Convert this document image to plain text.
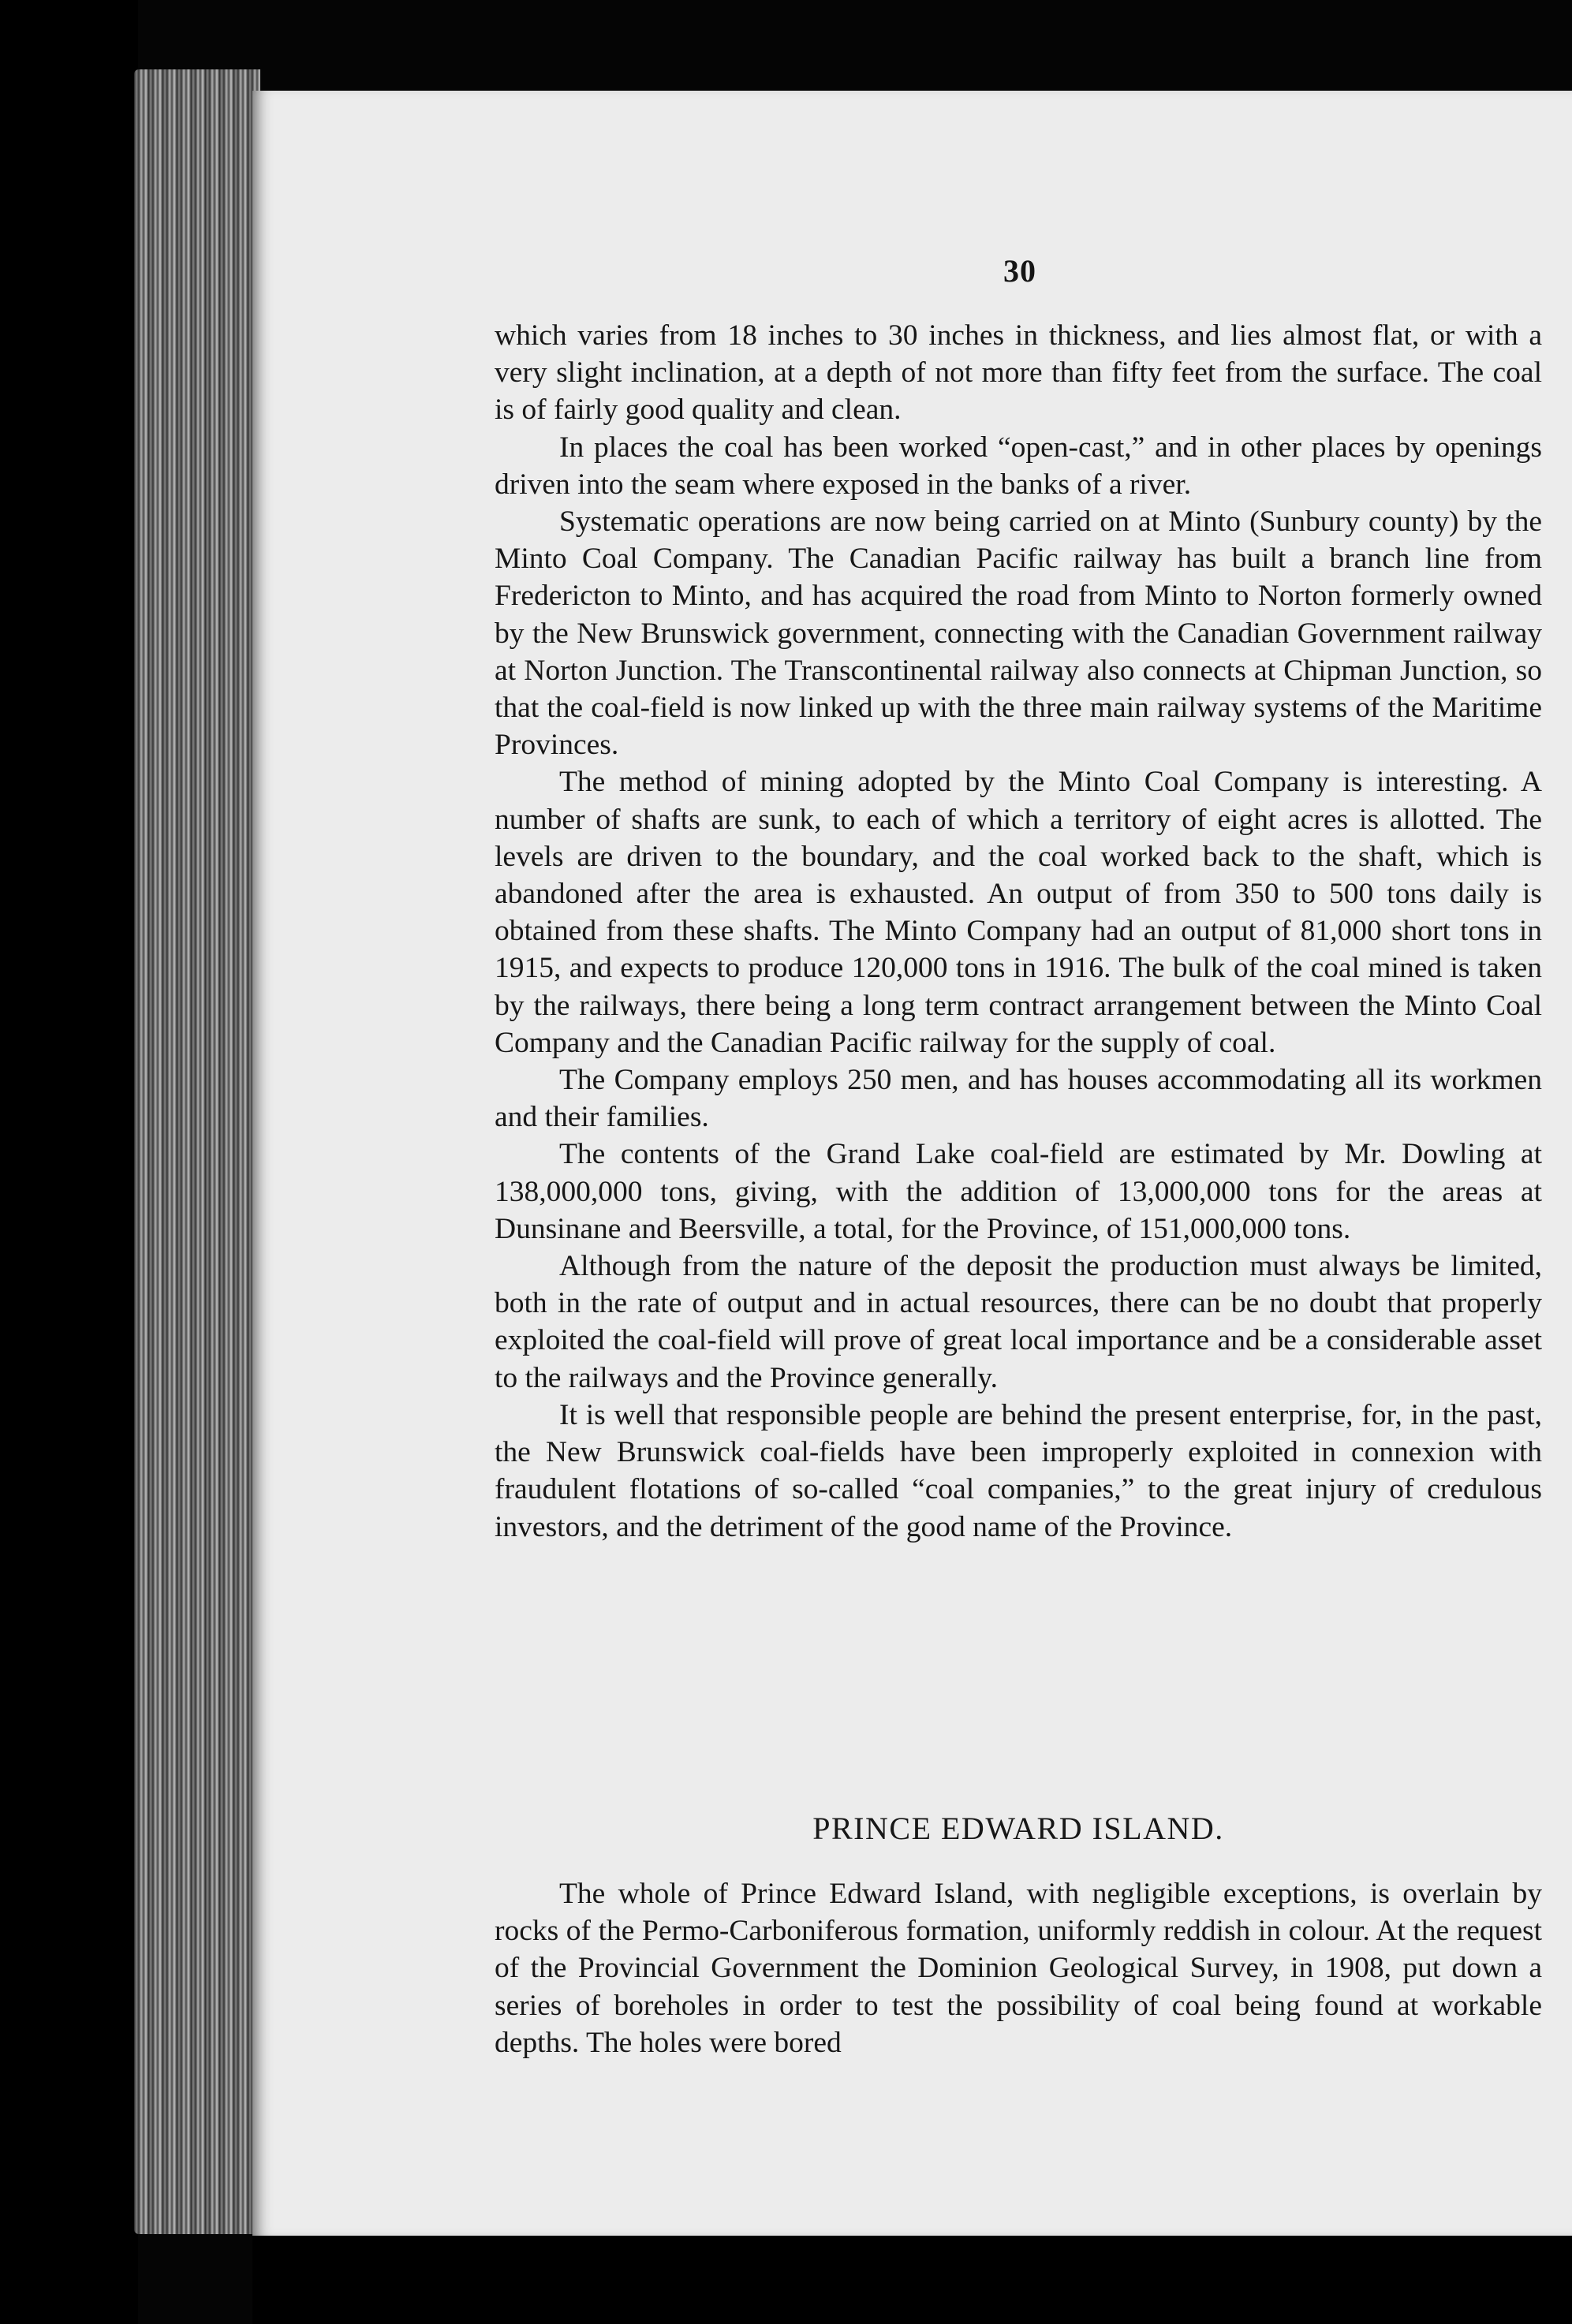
30

which varies from 18 inches to 30 inches in thickness, and lies almost flat, or with a very slight inclination, at a depth of not more than fifty feet from the surface. The coal is of fairly good quality and clean.

In places the coal has been worked “open-cast,” and in other places by openings driven into the seam where exposed in the banks of a river.

Systematic operations are now being carried on at Minto (Sunbury county) by the Minto Coal Company. The Canadian Pacific railway has built a branch line from Fredericton to Minto, and has acquired the road from Minto to Norton formerly owned by the New Brunswick government, connecting with the Canadian Government railway at Norton Junction. The Transcontinental railway also connects at Chipman Junction, so that the coal-field is now linked up with the three main railway systems of the Maritime Provinces.

The method of mining adopted by the Minto Coal Company is interesting. A number of shafts are sunk, to each of which a territory of eight acres is allotted. The levels are driven to the boundary, and the coal worked back to the shaft, which is abandoned after the area is exhausted. An output of from 350 to 500 tons daily is obtained from these shafts. The Minto Company had an output of 81,000 short tons in 1915, and expects to produce 120,000 tons in 1916. The bulk of the coal mined is taken by the railways, there being a long term contract arrangement between the Minto Coal Company and the Canadian Pacific railway for the supply of coal.

The Company employs 250 men, and has houses accommodating all its workmen and their families.

The contents of the Grand Lake coal-field are estimated by Mr. Dowling at 138,000,000 tons, giving, with the addition of 13,000,000 tons for the areas at Dunsinane and Beersville, a total, for the Province, of 151,000,000 tons.

Although from the nature of the deposit the production must always be limited, both in the rate of output and in actual resources, there can be no doubt that properly exploited the coal-field will prove of great local importance and be a considerable asset to the railways and the Province generally.

It is well that responsible people are behind the present enterprise, for, in the past, the New Brunswick coal-fields have been improperly exploited in connexion with fraudulent flotations of so-called “coal companies,” to the great injury of credulous investors, and the detriment of the good name of the Province.

PRINCE EDWARD ISLAND.

The whole of Prince Edward Island, with negligible exceptions, is overlain by rocks of the Permo-Carboniferous formation, uniformly reddish in colour. At the request of the Provincial Government the Dominion Geological Survey, in 1908, put down a series of boreholes in order to test the possibility of coal being found at workable depths. The holes were bored
